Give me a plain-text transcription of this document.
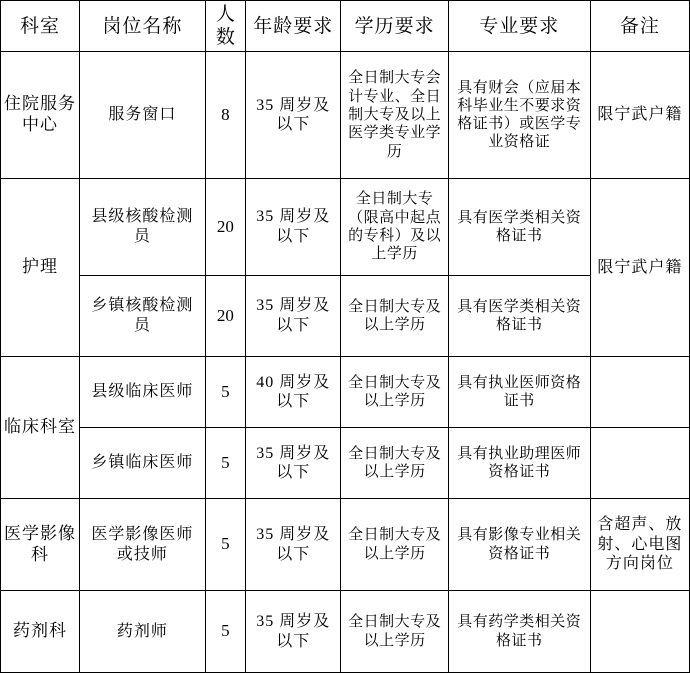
科室	岗位名称	人数	年龄要求	学历要求	专业要求	备注
住院服务中心	服务窗口	8	35 周岁及以下	全日制大专会计专业、全日制大专及以上医学类专业学历	具有财会（应届本科毕业生不要求资格证书）或医学专业资格证	限宁武户籍
护理	县级核酸检测员	20	35 周岁及以下	全日制大专（限高中起点的专科）及以上学历	具有医学类相关资格证书	限宁武户籍
	乡镇核酸检测员	20	35 周岁及以下	全日制大专及以上学历	具有医学类相关资格证书	
临床科室	县级临床医师	5	40 周岁及以下	全日制大专及以上学历	具有执业医师资格证书	
	乡镇临床医师	5	35 周岁及以下	全日制大专及以上学历	具有执业助理医师资格证书	
医学影像科	医学影像医师或技师	5	35 周岁及以下	全日制大专及以上学历	具有影像专业相关资格证书	含超声、放射、心电图方向岗位
药剂科	药剂师	5	35 周岁及以下	全日制大专及以上学历	具有药学类相关资格证书	
